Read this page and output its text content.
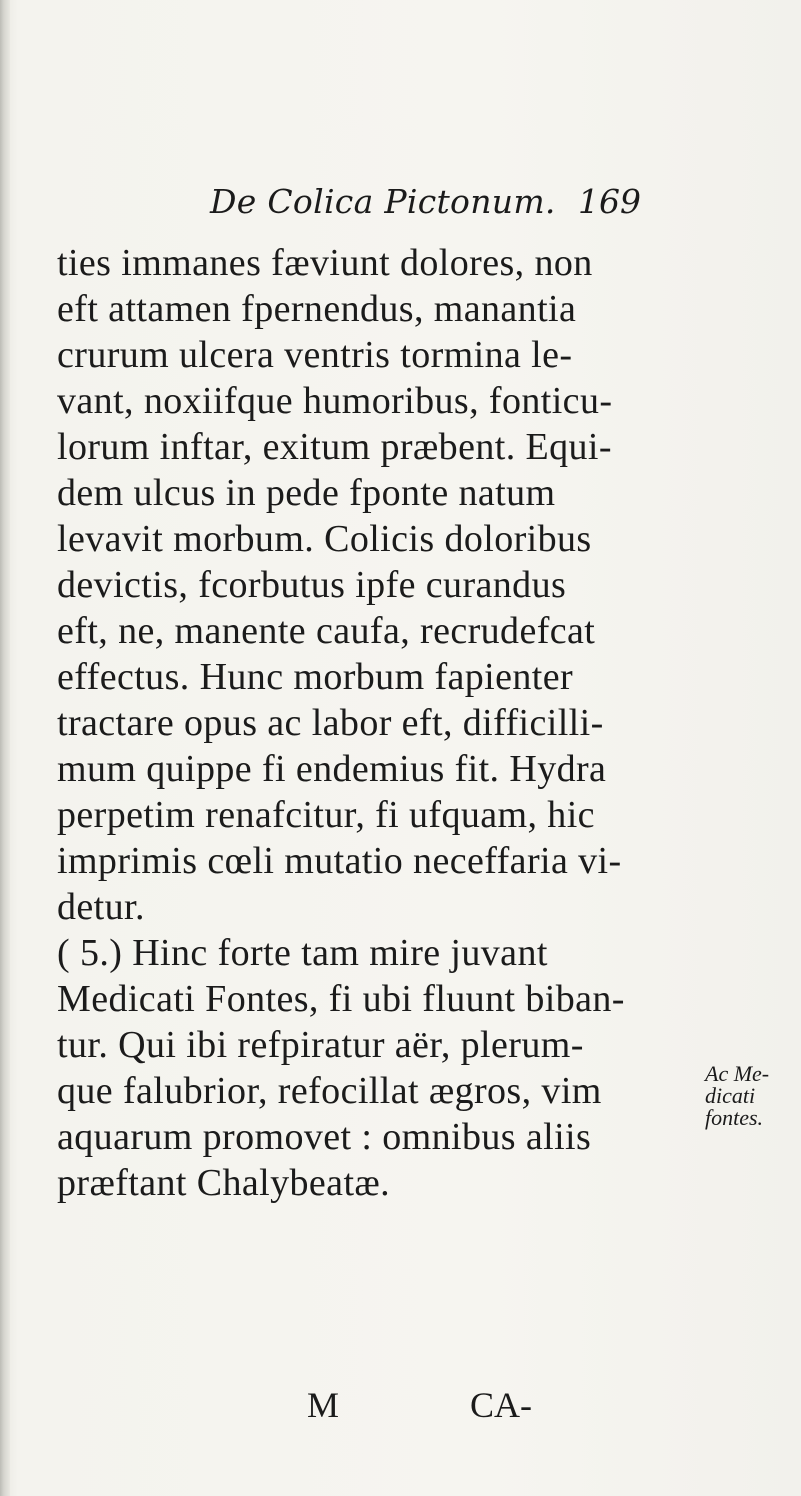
De Colica Pictonum. 169
ties immanes fæviunt dolores, non
eft attamen fpernendus, manantia
crurum ulcera ventris tormina le-
vant, noxiifque humoribus, fonticu-
lorum inftar, exitum præbent. Equi-
dem ulcus in pede fponte natum
levavit morbum. Colicis doloribus
devictis, fcorbutus ipfe curandus
eft, ne, manente caufa, recrudefcat
effectus. Hunc morbum fapienter
tractare opus ac labor eft, difficilli-
mum quippe fi endemius fit. Hydra
perpetim renafcitur, fi ufquam, hic
imprimis cœli mutatio neceffaria vi-
detur.
( 5.) Hinc forte tam mire juvant
Medicati Fontes, fi ubi fluunt biban-
tur. Qui ibi refpiratur aër, plerum-
que falubrior, refocillat ægros, vim
aquarum promovet : omnibus aliis
præftant Chalybeatæ.
Ac Me-
dicati
fontes.
M	CA-
